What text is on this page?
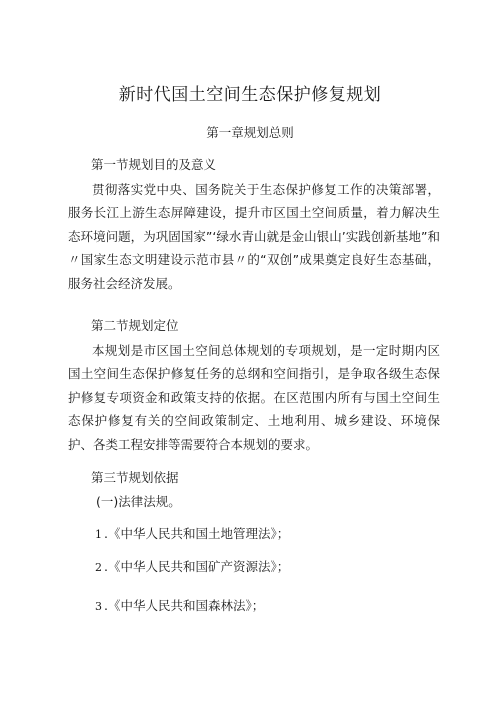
新时代国土空间生态保护修复规划
第一章规划总则
第一节规划目的及意义

贯彻落实党中央、国务院关于生态保护修复工作的决策部署，服务长江上游生态屏障建设，提升市区国土空间质量，着力解决生态环境问题，为巩固国家”‘绿水青山就是金山银山’实践创新基地”和〃国家生态文明建设示范市县〃的“双创”成果奠定良好生态基础，服务社会经济发展。

第二节规划定位

本规划是市区国土空间总体规划的专项规划，是一定时期内区国土空间生态保护修复任务的总纲和空间指引，是争取各级生态保护修复专项资金和政策支持的依据。在区范围内所有与国土空间生态保护修复有关的空间政策制定、土地利用、城乡建设、环境保护、各类工程安排等需要符合本规划的要求。

第三节规划依据
(一)法律法规。
1 .《中华人民共和国土地管理法》；
2 .《中华人民共和国矿产资源法》；
3 .《中华人民共和国森林法》；
